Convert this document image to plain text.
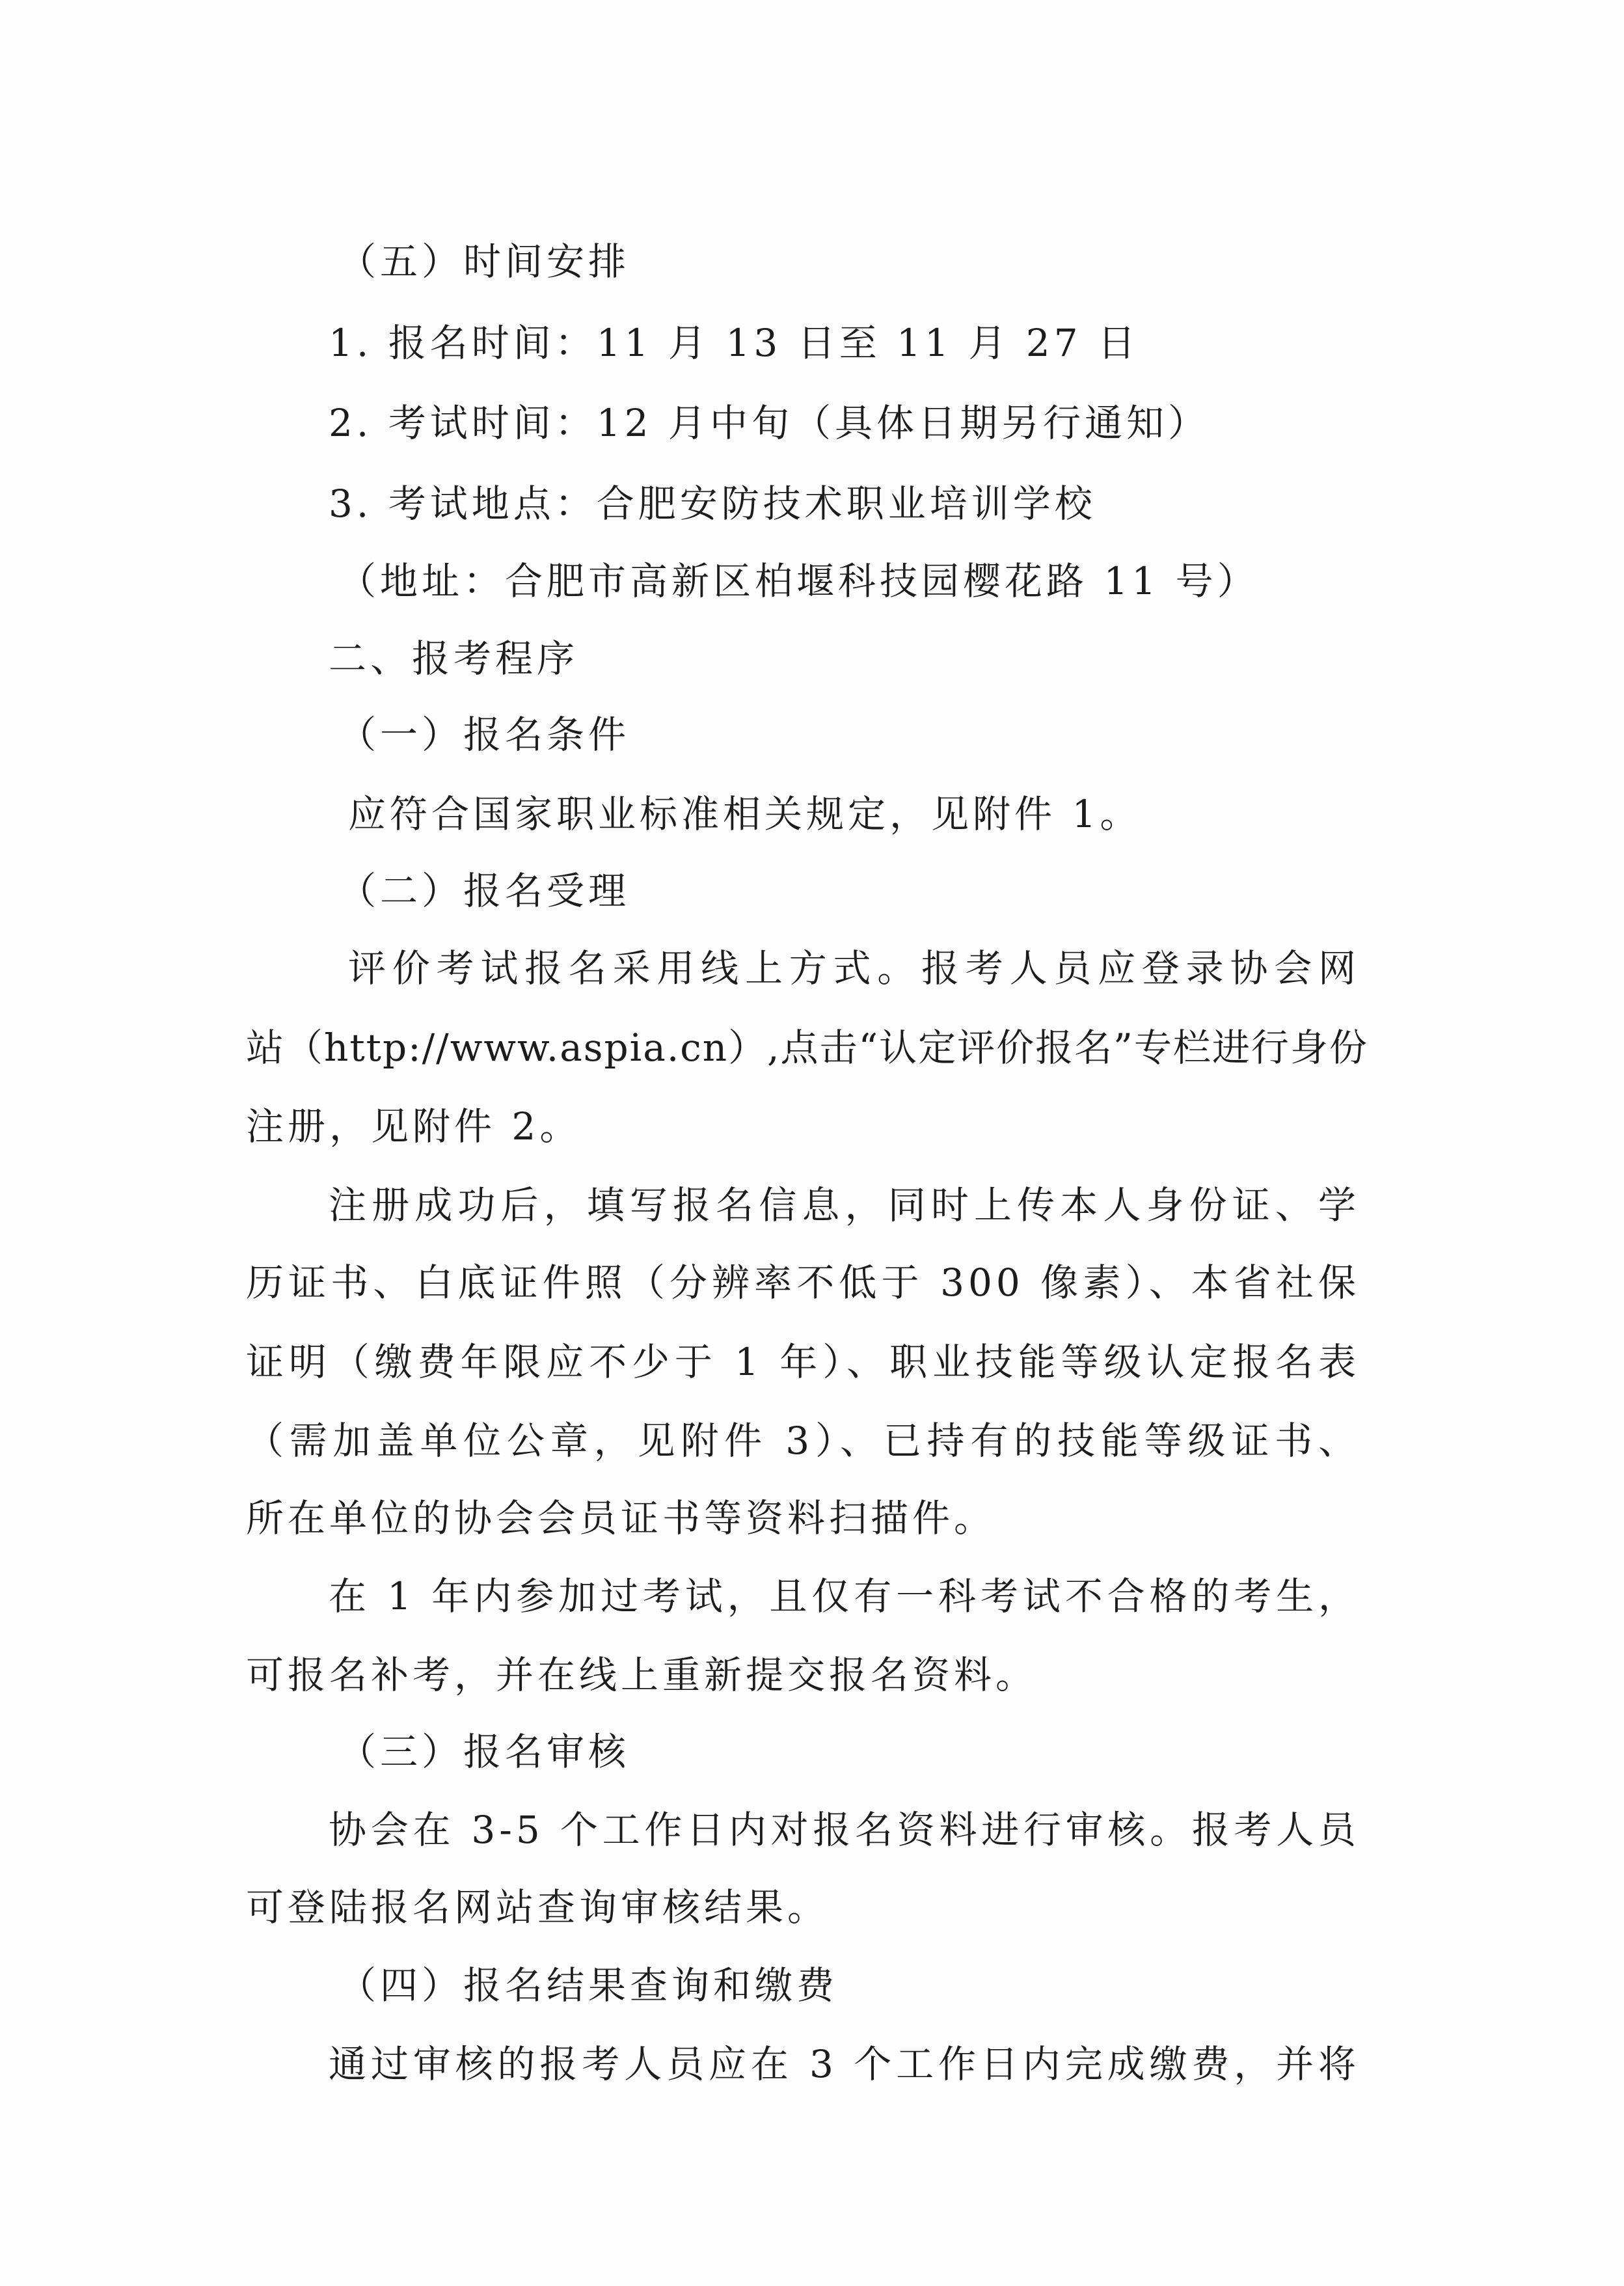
（五）时间安排
1. 报名时间：11 月 13 日至 11 月 27 日
2. 考试时间：12 月中旬（具体日期另行通知）
3. 考试地点：合肥安防技术职业培训学校
（地址：合肥市高新区柏堰科技园樱花路 11 号）
二、报考程序
（一）报名条件
应符合国家职业标准相关规定，见附件 1。
（二）报名受理
评价考试报名采用线上方式。报考人员应登录协会网
站（http://www.aspia.cn）,点击“认定评价报名”专栏进行身份
注册，见附件 2。
注册成功后，填写报名信息，同时上传本人身份证、学
历证书、白底证件照（分辨率不低于 300 像素）、本省社保
证明（缴费年限应不少于 1 年）、职业技能等级认定报名表
（需加盖单位公章，见附件 3）、已持有的技能等级证书、
所在单位的协会会员证书等资料扫描件。
在 1 年内参加过考试，且仅有一科考试不合格的考生，
可报名补考，并在线上重新提交报名资料。
（三）报名审核
协会在 3-5 个工作日内对报名资料进行审核。报考人员
可登陆报名网站查询审核结果。
（四）报名结果查询和缴费
通过审核的报考人员应在 3 个工作日内完成缴费，并将
